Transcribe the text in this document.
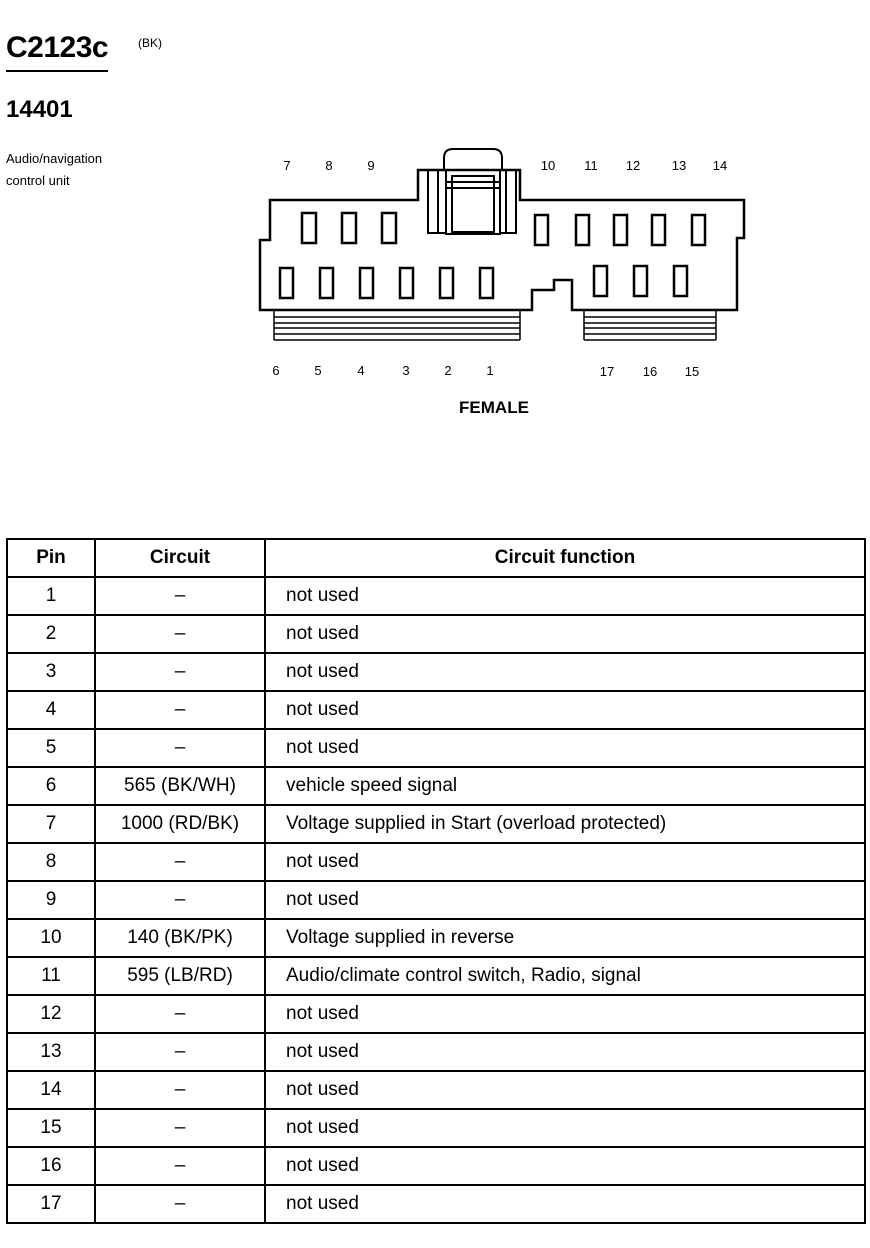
C2123c (BK)
14401
Audio/navigation
control unit
7	8	9	10 11 12 13 14
6	5	4	3	2	1	17 16 15
FEMALE
Pin	Circuit	Circuit function
1	–	not used
2	–	not used
3	–	not used
4	–	not used
5	–	not used
6	565 (BK/WH)	vehicle speed signal
7	1000 (RD/BK)	Voltage supplied in Start (overload protected)
8	–	not used
9	–	not used
10	140 (BK/PK)	Voltage supplied in reverse
11	595 (LB/RD)	Audio/climate control switch, Radio, signal
12	–	not used
13	–	not used
14	–	not used
15	–	not used
16	–	not used
17	–	not used
